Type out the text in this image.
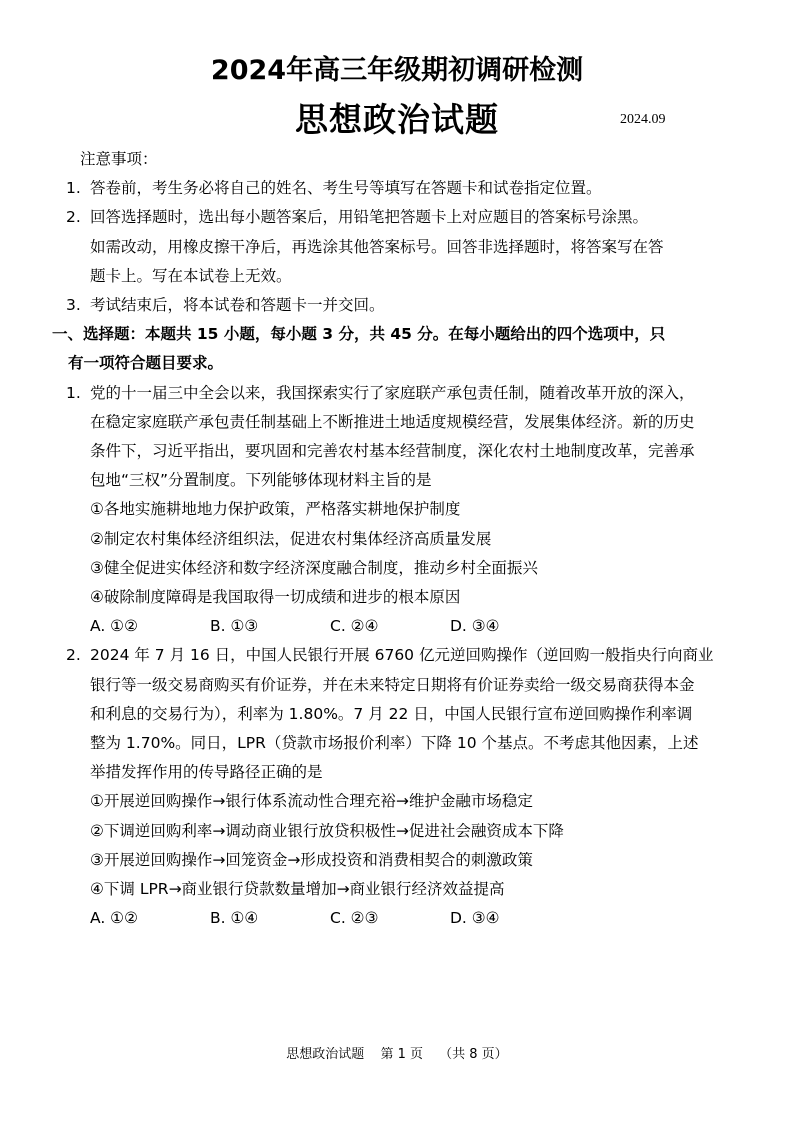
2024年高三年级期初调研检测
思想政治试题	2024.09
注意事项：
1. 答卷前，考生务必将自己的姓名、考生号等填写在答题卡和试卷指定位置。
2. 回答选择题时，选出每小题答案后，用铅笔把答题卡上对应题目的答案标号涂黑。
如需改动，用橡皮擦干净后，再选涂其他答案标号。回答非选择题时，将答案写在答
题卡上。写在本试卷上无效。
3. 考试结束后，将本试卷和答题卡一并交回。
一、选择题：本题共 15 小题，每小题 3 分，共 45 分。在每小题给出的四个选项中，只
有一项符合题目要求。
1. 党的十一届三中全会以来，我国探索实行了家庭联产承包责任制，随着改革开放的深入，
在稳定家庭联产承包责任制基础上不断推进土地适度规模经营，发展集体经济。新的历史
条件下，习近平指出，要巩固和完善农村基本经营制度，深化农村土地制度改革，完善承
包地“三权”分置制度。下列能够体现材料主旨的是
①各地实施耕地地力保护政策，严格落实耕地保护制度
②制定农村集体经济组织法，促进农村集体经济高质量发展
③健全促进实体经济和数字经济深度融合制度，推动乡村全面振兴
④破除制度障碍是我国取得一切成绩和进步的根本原因
A. ①②	B. ①③	C. ②④	D. ③④
2. 2024 年 7 月 16 日，中国人民银行开展 6760 亿元逆回购操作（逆回购一般指央行向商业
银行等一级交易商购买有价证券，并在未来特定日期将有价证券卖给一级交易商获得本金
和利息的交易行为），利率为 1.80%。7 月 22 日，中国人民银行宣布逆回购操作利率调
整为 1.70%。同日，LPR（贷款市场报价利率）下降 10 个基点。不考虑其他因素，上述
举措发挥作用的传导路径正确的是
①开展逆回购操作→银行体系流动性合理充裕→维护金融市场稳定
②下调逆回购利率→调动商业银行放贷积极性→促进社会融资成本下降
③开展逆回购操作→回笼资金→形成投资和消费相契合的刺激政策
④下调 LPR→商业银行贷款数量增加→商业银行经济效益提高
A. ①②	B. ①④	C. ②③	D. ③④
思想政治试题 第 1 页 （共 8 页）
